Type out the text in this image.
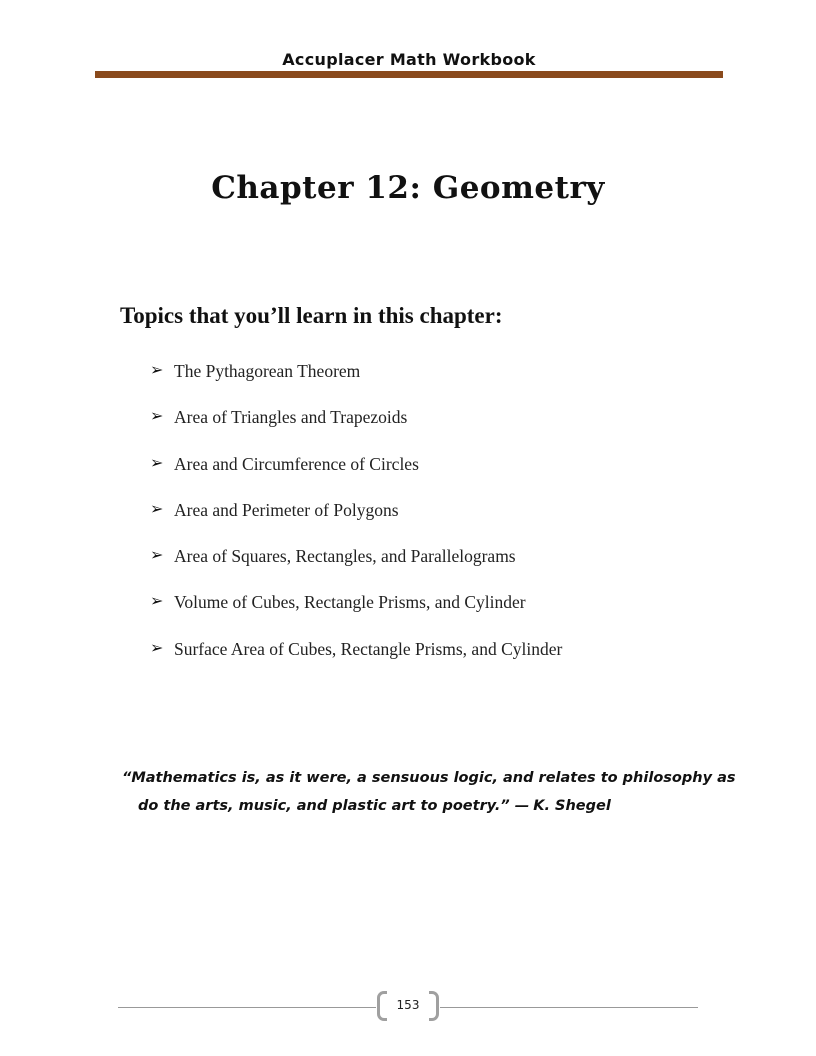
Accuplacer Math Workbook
Chapter 12: Geometry
Topics that you’ll learn in this chapter:
➢ The Pythagorean Theorem
➢ Area of Triangles and Trapezoids
➢ Area and Circumference of Circles
➢ Area and Perimeter of Polygons
➢ Area of Squares, Rectangles, and Parallelograms
➢ Volume of Cubes, Rectangle Prisms, and Cylinder
➢ Surface Area of Cubes, Rectangle Prisms, and Cylinder
“Mathematics is, as it were, a sensuous logic, and relates to philosophy as do the arts, music, and plastic art to poetry.” — K. Shegel
153
